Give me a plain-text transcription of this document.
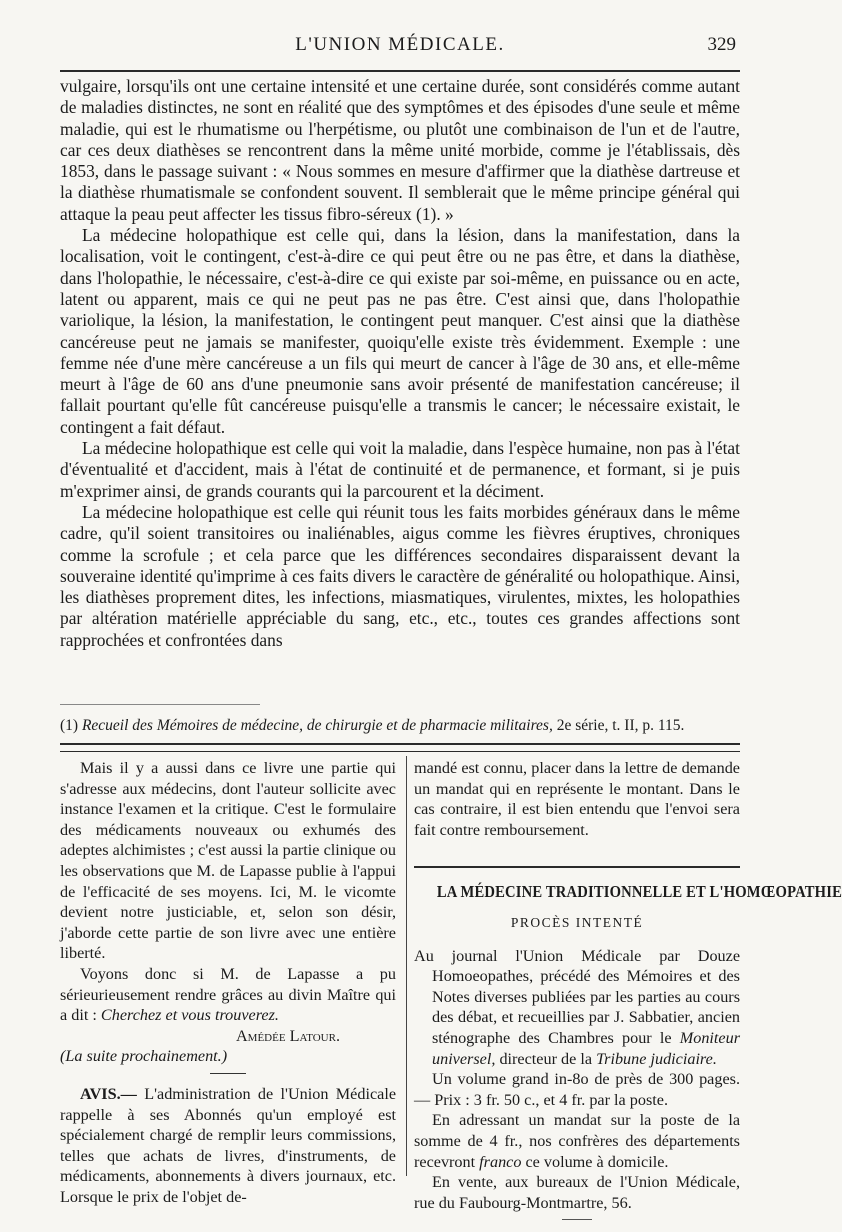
L'UNION MÉDICALE.	329

vulgaire, lorsqu'ils ont une certaine intensité et une certaine durée, sont considérés comme autant de maladies distinctes, ne sont en réalité que des symptômes et des épisodes d'une seule et même maladie, qui est le rhumatisme ou l'herpétisme, ou plutôt une combinaison de l'un et de l'autre, car ces deux diathèses se rencontrent dans la même unité morbide, comme je l'établissais, dès 1853, dans le passage suivant : « Nous sommes en mesure d'affirmer que la diathèse dartreuse et la diathèse rhumatismale se confondent souvent. Il semblerait que le même principe général qui attaque la peau peut affecter les tissus fibro-séreux (1). »

La médecine holopathique est celle qui, dans la lésion, dans la manifestation, dans la localisation, voit le contingent, c'est-à-dire ce qui peut être ou ne pas être, et dans la diathèse, dans l'holopathie, le nécessaire, c'est-à-dire ce qui existe par soi-même, en puissance ou en acte, latent ou apparent, mais ce qui ne peut pas ne pas être. C'est ainsi que, dans l'holopathie variolique, la lésion, la manifestation, le contingent peut manquer. C'est ainsi que la diathèse cancéreuse peut ne jamais se manifester, quoiqu'elle existe très évidemment. Exemple : une femme née d'une mère cancéreuse a un fils qui meurt de cancer à l'âge de 30 ans, et elle-même meurt à l'âge de 60 ans d'une pneumonie sans avoir présenté de manifestation cancéreuse; il fallait pourtant qu'elle fût cancéreuse puisqu'elle a transmis le cancer; le nécessaire existait, le contingent a fait défaut.

La médecine holopathique est celle qui voit la maladie, dans l'espèce humaine, non pas à l'état d'éventualité et d'accident, mais à l'état de continuité et de permanence, et formant, si je puis m'exprimer ainsi, de grands courants qui la parcourent et la déciment.

La médecine holopathique est celle qui réunit tous les faits morbides généraux dans le même cadre, qu'il soient transitoires ou inaliénables, aigus comme les fièvres éruptives, chroniques comme la scrofule ; et cela parce que les différences secondaires disparaissent devant la souveraine identité qu'imprime à ces faits divers le caractère de généralité ou holopathique. Ainsi, les diathèses proprement dites, les infections, miasmatiques, virulentes, mixtes, les holopathies par altération matérielle appréciable du sang, etc., etc., toutes ces grandes affections sont rapprochées et confrontées dans

(1) Recueil des Mémoires de médecine, de chirurgie et de pharmacie militaires, 2e série, t. II, p. 115.

Mais il y a aussi dans ce livre une partie qui s'adresse aux médecins, dont l'auteur sollicite avec instance l'examen et la critique. C'est le formulaire des médicaments nouveaux ou exhumés des adeptes alchimistes ; c'est aussi la partie clinique ou les observations que M. de Lapasse publie à l'appui de l'efficacité de ses moyens. Ici, M. le vicomte devient notre justiciable, et, selon son désir, j'aborde cette partie de son livre avec une entière liberté.

Voyons donc si M. de Lapasse a pu sérieurieusement rendre grâces au divin Maître qui a dit : Cherchez et vous trouverez.

Amédée Latour.

(La suite prochainement.)

AVIS.— L'administration de l'Union Médicale rappelle à ses Abonnés qu'un employé est spécialement chargé de remplir leurs commissions, telles que achats de livres, d'instruments, de médicaments, abonnements à divers journaux, etc. Lorsque le prix de l'objet de-

mandé est connu, placer dans la lettre de demande un mandat qui en représente le montant. Dans le cas contraire, il est bien entendu que l'envoi sera fait contre remboursement.

LA MÉDECINE TRADITIONNELLE ET L'HOMŒOPATHIE
PROCÈS INTENTÉ

Au journal l'Union Médicale par Douze Homoeopathes, précédé des Mémoires et des Notes diverses publiées par les parties au cours des débat, et recueillies par J. Sabbatier, ancien sténographe des Chambres pour le Moniteur universel, directeur de la Tribune judiciaire.

Un volume grand in-8o de près de 300 pages. — Prix : 3 fr. 50 c., et 4 fr. par la poste.

En adressant un mandat sur la poste de la somme de 4 fr., nos confrères des départements recevront franco ce volume à domicile.

En vente, aux bureaux de l'Union Médicale, rue du Faubourg-Montmartre, 56.
